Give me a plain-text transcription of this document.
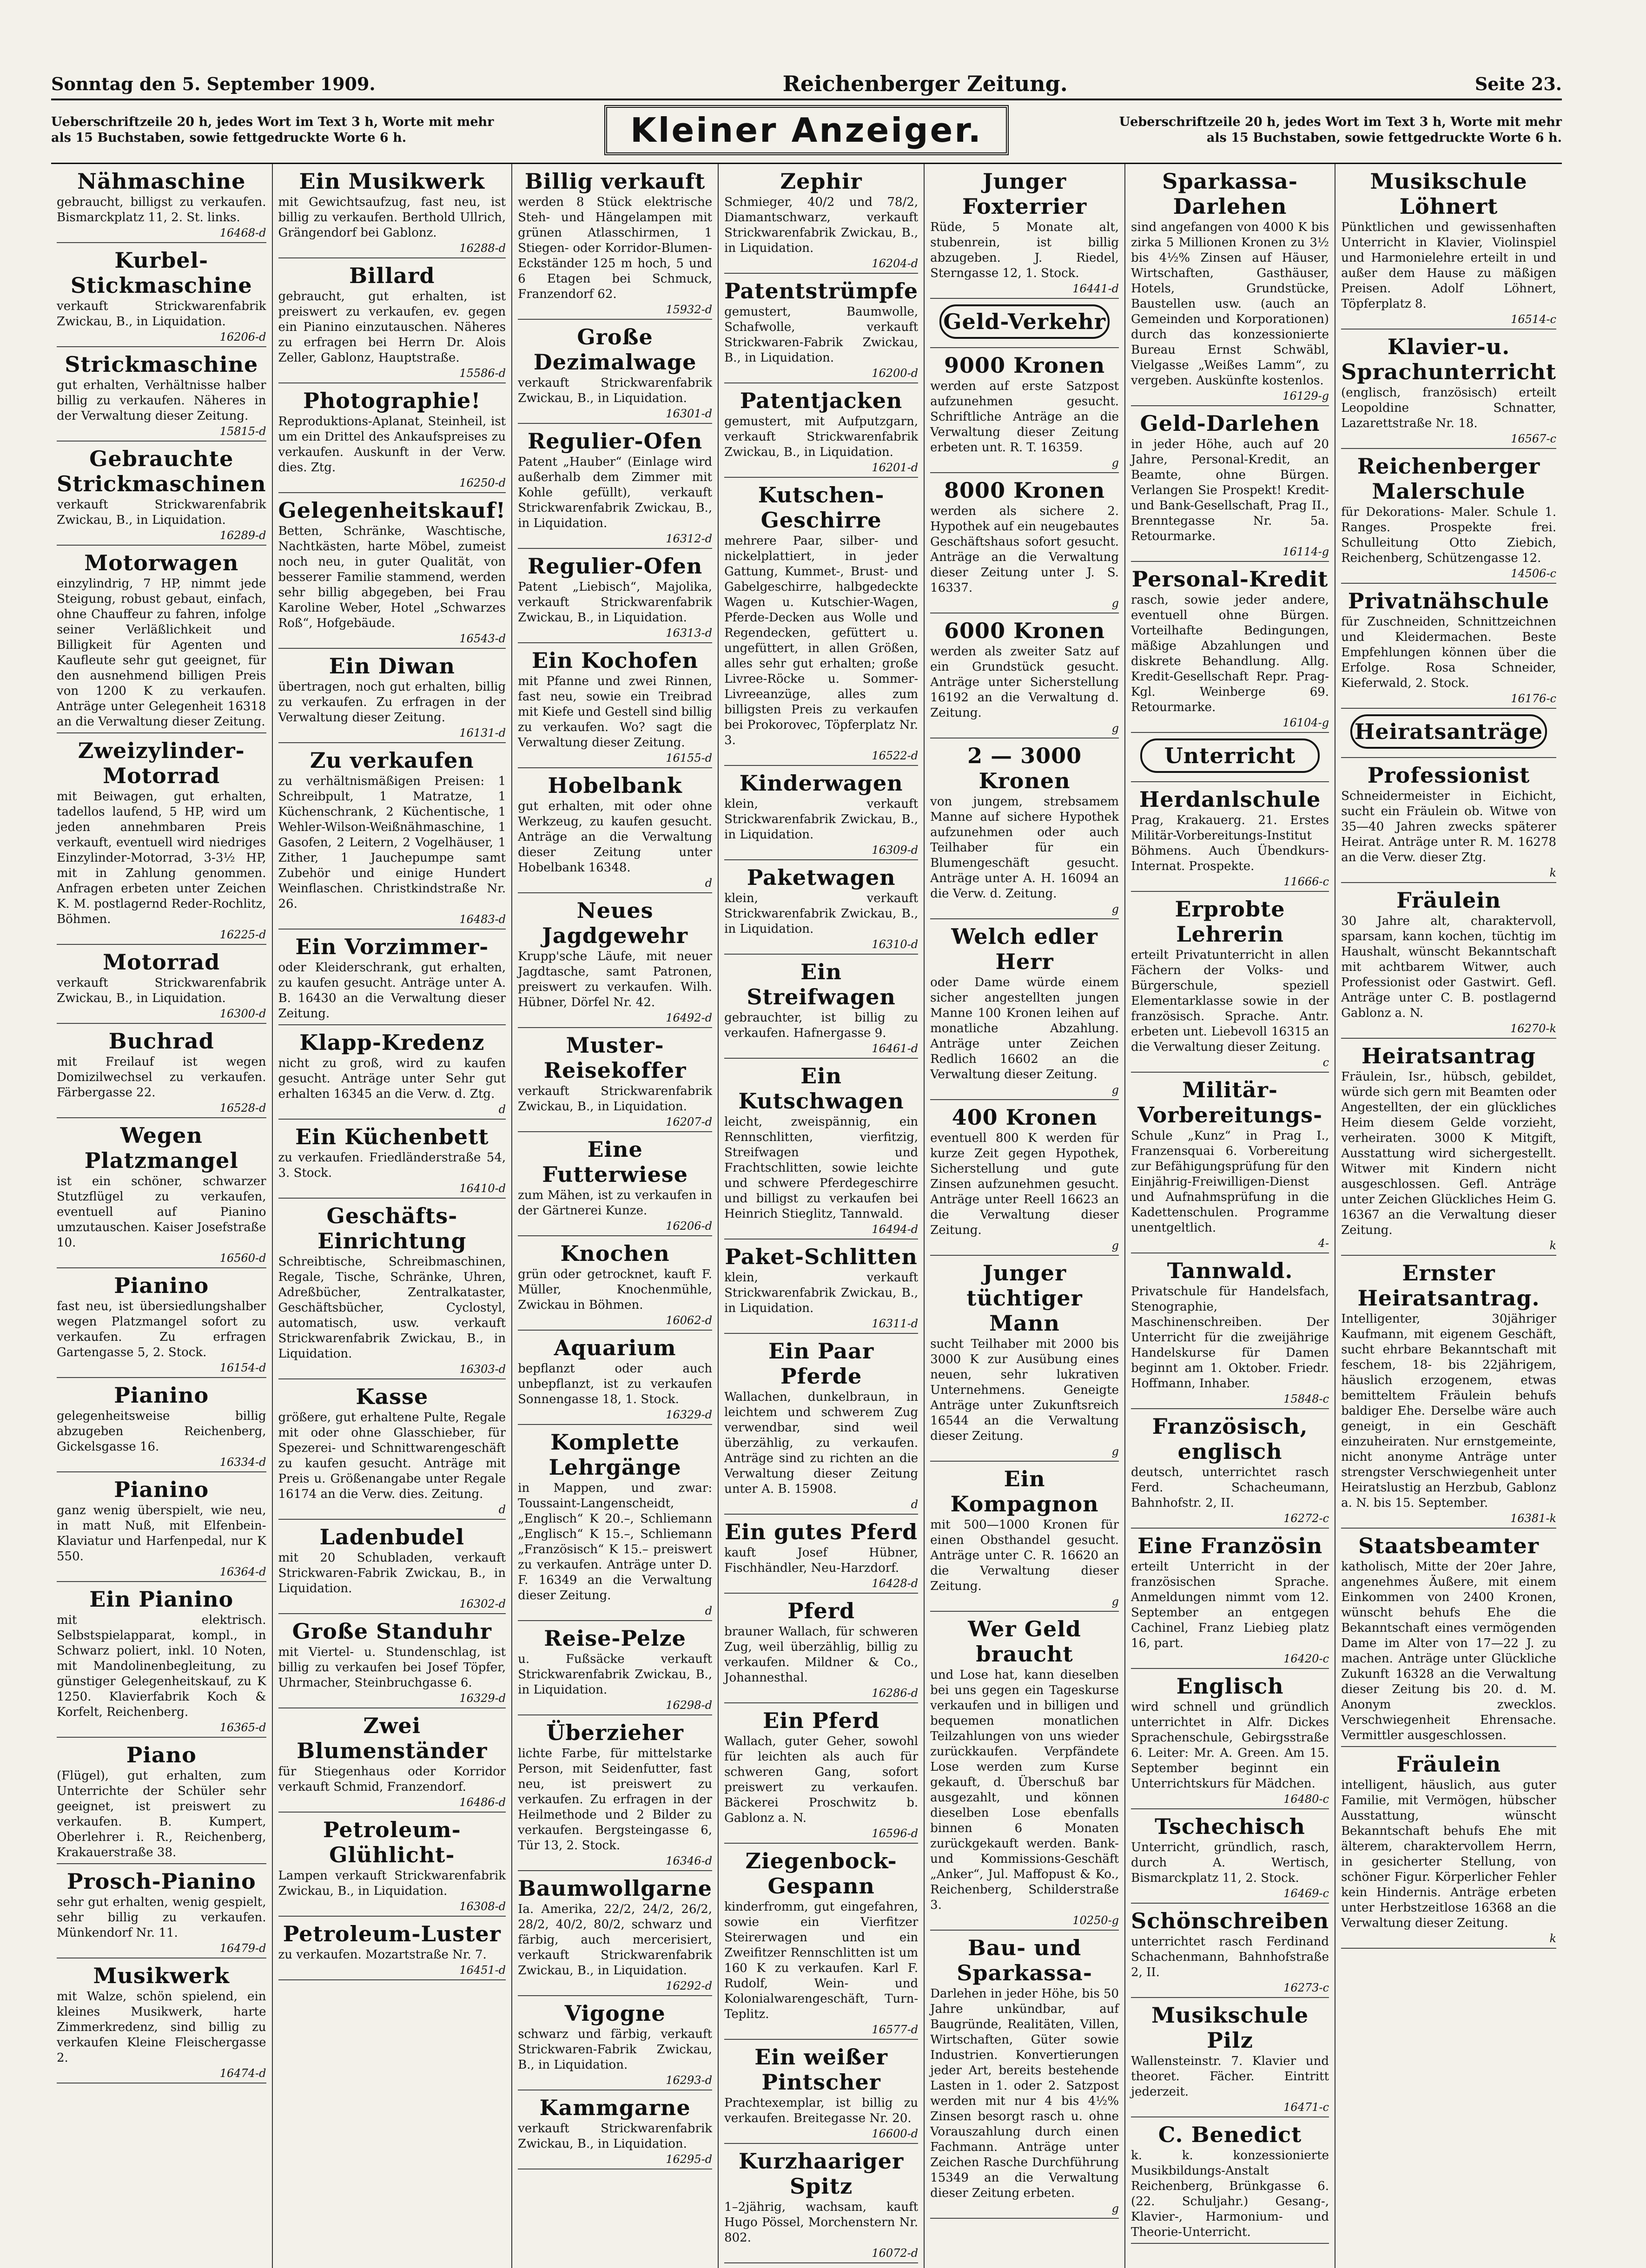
Sonntag den 5. September 1909.	Reichenberger Zeitung.	Seite 23.
Ueberschriftzeile 20 h, jedes Wort im Text 3 h, Worte mit mehr als 15 Buchstaben, sowie fettgedruckte Worte 6 h.	Kleiner Anzeiger.	Ueberschriftzeile 20 h, jedes Wort im Text 3 h, Worte mit mehr als 15 Buchstaben, sowie fettgedruckte Worte 6 h.
Nähmaschine
gebraucht, billigst zu verkaufen. Bismarckplatz 11, 2. St. links.
16468-d
Kurbel-Stickmaschine
verkauft Strickwarenfabrik Zwickau, B., in Liquidation.
16206-d
Strickmaschine
gut erhalten, Verhältnisse halber billig zu verkaufen. Näheres in der Verwaltung dieser Zeitung.
15815-d
Gebrauchte Strickmaschinen
verkauft Strickwarenfabrik Zwickau, B., in Liquidation.
16289-d
Motorwagen
einzylindrig, 7 HP, nimmt jede Steigung, robust gebaut, einfach, ohne Chauffeur zu fahren, infolge seiner Verläßlichkeit und Billigkeit für Agenten und Kaufleute sehr gut geeignet, für den ausnehmend billigen Preis von 1200 K zu verkaufen. Anträge unter Gelegenheit 16318 an die Verwaltung dieser Zeitung.
Zweizylinder-Motorrad
mit Beiwagen, gut erhalten, tadellos laufend, 5 HP, wird um jeden annehmbaren Preis verkauft, eventuell wird niedriges Einzylinder-Motorrad, 3-3½ HP, mit in Zahlung genommen. Anfragen erbeten unter Zeichen K. M. postlagernd Reder-Rochlitz, Böhmen.
16225-d
Motorrad
verkauft Strickwarenfabrik Zwickau, B., in Liquidation.
16300-d
Buchrad
mit Freilauf ist wegen Domizilwechsel zu verkaufen. Färbergasse 22.
16528-d
Wegen Platzmangel
ist ein schöner, schwarzer Stutzflügel zu verkaufen, eventuell auf Pianino umzutauschen. Kaiser Josefstraße 10.
16560-d
Pianino
fast neu, ist übersiedlungshalber wegen Platzmangel sofort zu verkaufen. Zu erfragen Gartengasse 5, 2. Stock.
16154-d
Pianino
gelegenheitsweise billig abzugeben Reichenberg, Gickelsgasse 16.
16334-d
Pianino
ganz wenig überspielt, wie neu, in matt Nuß, mit Elfenbein-Klaviatur und Harfenpedal, nur K 550.
16364-d
Ein Pianino
mit elektrisch. Selbstspielapparat, kompl., in Schwarz poliert, inkl. 10 Noten, mit Mandolinenbegleitung, zu günstiger Gelegenheitskauf, zu K 1250. Klavierfabrik Koch & Korfelt, Reichenberg.
16365-d
Piano
(Flügel), gut erhalten, zum Unterrichte der Schüler sehr geeignet, ist preiswert zu verkaufen. B. Kumpert, Oberlehrer i. R., Reichenberg, Krakauerstraße 38.
Prosch-Pianino
sehr gut erhalten, wenig gespielt, sehr billig zu verkaufen. Münkendorf Nr. 11.
16479-d
Musikwerk
mit Walze, schön spielend, ein kleines Musikwerk, harte Zimmerkredenz, sind billig zu verkaufen Kleine Fleischergasse 2.
16474-d
Ein Musikwerk
mit Gewichtsaufzug, fast neu, ist billig zu verkaufen. Berthold Ullrich, Grängendorf bei Gablonz.
16288-d
Billard
gebraucht, gut erhalten, ist preiswert zu verkaufen, ev. gegen ein Pianino einzutauschen. Näheres zu erfragen bei Herrn Dr. Alois Zeller, Gablonz, Hauptstraße.
15586-d
Photographie!
Reproduktions-Aplanat, Steinheil, ist um ein Drittel des Ankaufspreises zu verkaufen. Auskunft in der Verw. dies. Ztg.
16250-d
Gelegenheitskauf!
Betten, Schränke, Waschtische, Nachtkästen, harte Möbel, zumeist noch neu, in guter Qualität, von besserer Familie stammend, werden sehr billig abgegeben, bei Frau Karoline Weber, Hotel „Schwarzes Roß“, Hofgebäude.
16543-d
Ein Diwan
übertragen, noch gut erhalten, billig zu verkaufen. Zu erfragen in der Verwaltung dieser Zeitung.
16131-d
Zu verkaufen
zu verhältnismäßigen Preisen: 1 Schreibpult, 1 Matratze, 1 Küchenschrank, 2 Küchentische, 1 Wehler-Wilson-Weißnähmaschine, 1 Gasofen, 2 Leitern, 2 Vogelhäuser, 1 Zither, 1 Jauchepumpe samt Zubehör und einige Hundert Weinflaschen. Christkindstraße Nr. 26.
16483-d
Ein Vorzimmer-
oder Kleiderschrank, gut erhalten, zu kaufen gesucht. Anträge unter A. B. 16430 an die Verwaltung dieser Zeitung.
Klapp-Kredenz
nicht zu groß, wird zu kaufen gesucht. Anträge unter Sehr gut erhalten 16345 an die Verw. d. Ztg.
d
Ein Küchenbett
zu verkaufen. Friedländerstraße 54, 3. Stock.
16410-d
Geschäfts-Einrichtung
Schreibtische, Schreibmaschinen, Regale, Tische, Schränke, Uhren, Adreßbücher, Zentralkataster, Geschäftsbücher, Cyclostyl, automatisch, usw. verkauft Strickwarenfabrik Zwickau, B., in Liquidation.
16303-d
Kasse
größere, gut erhaltene Pulte, Regale mit oder ohne Glasschieber, für Spezerei- und Schnittwarengeschäft zu kaufen gesucht. Anträge mit Preis u. Größenangabe unter Regale 16174 an die Verw. dies. Zeitung.
d
Ladenbudel
mit 20 Schubladen, verkauft Strickwaren-Fabrik Zwickau, B., in Liquidation.
16302-d
Große Standuhr
mit Viertel- u. Stundenschlag, ist billig zu verkaufen bei Josef Töpfer, Uhrmacher, Steinbruchgasse 6.
16329-d
Zwei Blumenständer
für Stiegenhaus oder Korridor verkauft Schmid, Franzendorf.
16486-d
Petroleum-Glühlicht-
Lampen verkauft Strickwarenfabrik Zwickau, B., in Liquidation.
16308-d
Petroleum-Luster
zu verkaufen. Mozartstraße Nr. 7.
16451-d
Billig verkauft
werden 8 Stück elektrische Steh- und Hängelampen mit grünen Atlasschirmen, 1 Stiegen- oder Korridor-Blumen-Eckständer 125 m hoch, 5 und 6 Etagen bei Schmuck, Franzendorf 62.
15932-d
Große Dezimalwage
verkauft Strickwarenfabrik Zwickau, B., in Liquidation.
16301-d
Regulier-Ofen
Patent „Hauber“ (Einlage wird außerhalb dem Zimmer mit Kohle gefüllt), verkauft Strickwarenfabrik Zwickau, B., in Liquidation.
16312-d
Regulier-Ofen
Patent „Liebisch“, Majolika, verkauft Strickwarenfabrik Zwickau, B., in Liquidation.
16313-d
Ein Kochofen
mit Pfanne und zwei Rinnen, fast neu, sowie ein Treibrad mit Kiefe und Gestell sind billig zu verkaufen. Wo? sagt die Verwaltung dieser Zeitung.
16155-d
Hobelbank
gut erhalten, mit oder ohne Werkzeug, zu kaufen gesucht. Anträge an die Verwaltung dieser Zeitung unter Hobelbank 16348.
d
Neues Jagdgewehr
Krupp'sche Läufe, mit neuer Jagdtasche, samt Patronen, preiswert zu verkaufen. Wilh. Hübner, Dörfel Nr. 42.
16492-d
Muster-Reisekoffer
verkauft Strickwarenfabrik Zwickau, B., in Liquidation.
16207-d
Eine Futterwiese
zum Mähen, ist zu verkaufen in der Gärtnerei Kunze.
16206-d
Knochen
grün oder getrocknet, kauft F. Müller, Knochenmühle, Zwickau in Böhmen.
16062-d
Aquarium
bepflanzt oder auch unbepflanzt, ist zu verkaufen Sonnengasse 18, 1. Stock.
16329-d
Komplette Lehrgänge
in Mappen, und zwar: Toussaint-Langenscheidt, „Englisch“ K 20.–, Schliemann „Englisch“ K 15.–, Schliemann „Französisch“ K 15.– preiswert zu verkaufen. Anträge unter D. F. 16349 an die Verwaltung dieser Zeitung.
d
Reise-Pelze
u. Fußsäcke verkauft Strickwarenfabrik Zwickau, B., in Liquidation.
16298-d
Überzieher
lichte Farbe, für mittelstarke Person, mit Seidenfutter, fast neu, ist preiswert zu verkaufen. Zu erfragen in der Heilmethode und 2 Bilder zu verkaufen. Bergsteingasse 6, Tür 13, 2. Stock.
16346-d
Baumwollgarne
Ia. Amerika, 22/2, 24/2, 26/2, 28/2, 40/2, 80/2, schwarz und färbig, auch mercerisiert, verkauft Strickwarenfabrik Zwickau, B., in Liquidation.
16292-d
Vigogne
schwarz und färbig, verkauft Strickwaren-Fabrik Zwickau, B., in Liquidation.
16293-d
Kammgarne
verkauft Strickwarenfabrik Zwickau, B., in Liquidation.
16295-d
Zephir
Schmieger, 40/2 und 78/2, Diamantschwarz, verkauft Strickwarenfabrik Zwickau, B., in Liquidation.
16204-d
Patentstrümpfe
gemustert, Baumwolle, Schafwolle, verkauft Strickwaren-Fabrik Zwickau, B., in Liquidation.
16200-d
Patentjacken
gemustert, mit Aufputzgarn, verkauft Strickwarenfabrik Zwickau, B., in Liquidation.
16201-d
Kutschen-Geschirre
mehrere Paar, silber- und nickelplattiert, in jeder Gattung, Kummet-, Brust- und Gabelgeschirre, halbgedeckte Wagen u. Kutschier-Wagen, Pferde-Decken aus Wolle und Regendecken, gefüttert u. ungefüttert, in allen Größen, alles sehr gut erhalten; große Livree-Röcke u. Sommer-Livreeanzüge, alles zum billigsten Preis zu verkaufen bei Prokorovec, Töpferplatz Nr. 3.
16522-d
Kinderwagen
klein, verkauft Strickwarenfabrik Zwickau, B., in Liquidation.
16309-d
Paketwagen
klein, verkauft Strickwarenfabrik Zwickau, B., in Liquidation.
16310-d
Ein Streifwagen
gebrauchter, ist billig zu verkaufen. Hafnergasse 9.
16461-d
Ein Kutschwagen
leicht, zweispännig, ein Rennschlitten, vierfitzig, Streifwagen und Frachtschlitten, sowie leichte und schwere Pferdegeschirre und billigst zu verkaufen bei Heinrich Stieglitz, Tannwald.
16494-d
Paket-Schlitten
klein, verkauft Strickwarenfabrik Zwickau, B., in Liquidation.
16311-d
Ein Paar Pferde
Wallachen, dunkelbraun, in leichtem und schwerem Zug verwendbar, sind weil überzählig, zu verkaufen. Anträge sind zu richten an die Verwaltung dieser Zeitung unter A. B. 15908.
d
Ein gutes Pferd
kauft Josef Hübner, Fischhändler, Neu-Harzdorf.
16428-d
Pferd
brauner Wallach, für schweren Zug, weil überzählig, billig zu verkaufen. Mildner & Co., Johannesthal.
16286-d
Ein Pferd
Wallach, guter Geher, sowohl für leichten als auch für schweren Gang, sofort preiswert zu verkaufen. Bäckerei Proschwitz b. Gablonz a. N.
16596-d
Ziegenbock-Gespann
kinderfromm, gut eingefahren, sowie ein Vierfitzer Steirerwagen und ein Zweifitzer Rennschlitten ist um 160 K zu verkaufen. Karl F. Rudolf, Wein- und Kolonialwarengeschäft, Turn-Teplitz.
16577-d
Ein weißer Pintscher
Prachtexemplar, ist billig zu verkaufen. Breitegasse Nr. 20.
16600-d
Kurzhaariger Spitz
1–2jährig, wachsam, kauft Hugo Pössel, Morchenstern Nr. 802.
16072-d
Junger Foxterrier
Rüde, 5 Monate alt, stubenrein, ist billig abzugeben. J. Riedel, Sterngasse 12, 1. Stock.
16441-d
Geld-Verkehr
9000 Kronen
werden auf erste Satzpost aufzunehmen gesucht. Schriftliche Anträge an die Verwaltung dieser Zeitung erbeten unt. R. T. 16359.
g
8000 Kronen
werden als sichere 2. Hypothek auf ein neugebautes Geschäftshaus sofort gesucht. Anträge an die Verwaltung dieser Zeitung unter J. S. 16337.
g
6000 Kronen
werden als zweiter Satz auf ein Grundstück gesucht. Anträge unter Sicherstellung 16192 an die Verwaltung d. Zeitung.
g
2 — 3000 Kronen
von jungem, strebsamem Manne auf sichere Hypothek aufzunehmen oder auch Teilhaber für ein Blumengeschäft gesucht. Anträge unter A. H. 16094 an die Verw. d. Zeitung.
g
Welch edler Herr
oder Dame würde einem sicher angestellten jungen Manne 100 Kronen leihen auf monatliche Abzahlung. Anträge unter Zeichen Redlich 16602 an die Verwaltung dieser Zeitung.
g
400 Kronen
eventuell 800 K werden für kurze Zeit gegen Hypothek, Sicherstellung und gute Zinsen aufzunehmen gesucht. Anträge unter Reell 16623 an die Verwaltung dieser Zeitung.
g
Junger tüchtiger Mann
sucht Teilhaber mit 2000 bis 3000 K zur Ausübung eines neuen, sehr lukrativen Unternehmens. Geneigte Anträge unter Zukunftsreich 16544 an die Verwaltung dieser Zeitung.
g
Ein Kompagnon
mit 500—1000 Kronen für einen Obsthandel gesucht. Anträge unter C. R. 16620 an die Verwaltung dieser Zeitung.
g
Wer Geld braucht
und Lose hat, kann dieselben bei uns gegen ein Tageskurse verkaufen und in billigen und bequemen monatlichen Teilzahlungen von uns wieder zurückkaufen. Verpfändete Lose werden zum Kurse gekauft, d. Überschuß bar ausgezahlt, und können dieselben Lose ebenfalls binnen 6 Monaten zurückgekauft werden. Bank- und Kommissions-Geschäft „Anker“, Jul. Maffopust & Ko., Reichenberg, Schilderstraße 3.
10250-g
Bau- und Sparkassa-
Darlehen in jeder Höhe, bis 50 Jahre unkündbar, auf Baugründe, Realitäten, Villen, Wirtschaften, Güter sowie Industrien. Konvertierungen jeder Art, bereits bestehende Lasten in 1. oder 2. Satzpost werden mit nur 4 bis 4½% Zinsen besorgt rasch u. ohne Vorauszahlung durch einen Fachmann. Anträge unter Zeichen Rasche Durchführung 15349 an die Verwaltung dieser Zeitung erbeten.
g
Sparkassa-Darlehen
sind angefangen von 4000 K bis zirka 5 Millionen Kronen zu 3½ bis 4½% Zinsen auf Häuser, Wirtschaften, Gasthäuser, Hotels, Grundstücke, Baustellen usw. (auch an Gemeinden und Korporationen) durch das konzessionierte Bureau Ernst Schwäbl, Vielgasse „Weißes Lamm“, zu vergeben. Auskünfte kostenlos.
16129-g
Geld-Darlehen
in jeder Höhe, auch auf 20 Jahre, Personal-Kredit, an Beamte, ohne Bürgen. Verlangen Sie Prospekt! Kredit- und Bank-Gesellschaft, Prag II., Brenntegasse Nr. 5a. Retourmarke.
16114-g
Personal-Kredit
rasch, sowie jeder andere, eventuell ohne Bürgen. Vorteilhafte Bedingungen, mäßige Abzahlungen und diskrete Behandlung. Allg. Kredit-Gesellschaft Repr. Prag-Kgl. Weinberge 69. Retourmarke.
16104-g
Unterricht
Herdanlschule
Prag, Krakauerg. 21. Erstes Militär-Vorbereitungs-Institut Böhmens. Auch Übendkurs-Internat. Prospekte.
11666-c
Erprobte Lehrerin
erteilt Privatunterricht in allen Fächern der Volks- und Bürgerschule, speziell Elementarklasse sowie in der französisch. Sprache. Antr. erbeten unt. Liebevoll 16315 an die Verwaltung dieser Zeitung.
c
Militär-Vorbereitungs-
Schule „Kunz“ in Prag I., Franzensquai 6. Vorbereitung zur Befähigungsprüfung für den Einjährig-Freiwilligen-Dienst und Aufnahmsprüfung in die Kadettenschulen. Programme unentgeltlich.
4-
Tannwald.
Privatschule für Handelsfach, Stenographie, Maschinenschreiben. Der Unterricht für die zweijährige Handelskurse für Damen beginnt am 1. Oktober. Friedr. Hoffmann, Inhaber.
15848-c
Französisch, englisch
deutsch, unterrichtet rasch Ferd. Schacheumann, Bahnhofstr. 2, II.
16272-c
Eine Französin
erteilt Unterricht in der französischen Sprache. Anmeldungen nimmt vom 12. September an entgegen Cachinel, Franz Liebieg platz 16, part.
16420-c
Englisch
wird schnell und gründlich unterrichtet in Alfr. Dickes Sprachenschule, Gebirgsstraße 6. Leiter: Mr. A. Green. Am 15. September beginnt ein Unterrichtskurs für Mädchen.
16480-c
Tschechisch
Unterricht, gründlich, rasch, durch A. Wertisch, Bismarckplatz 11, 2. Stock.
16469-c
Schönschreiben
unterrichtet rasch Ferdinand Schachenmann, Bahnhofstraße 2, II.
16273-c
Musikschule Pilz
Wallensteinstr. 7. Klavier und theoret. Fächer. Eintritt jederzeit.
16471-c
C. Benedict
k. k. konzessionierte Musikbildungs-Anstalt Reichenberg, Brünkgasse 6. (22. Schuljahr.) Gesang-, Klavier-, Harmonium- und Theorie-Unterricht.
Musikschule Löhnert
Pünktlichen und gewissenhaften Unterricht in Klavier, Violinspiel und Harmonielehre erteilt in und außer dem Hause zu mäßigen Preisen. Adolf Löhnert, Töpferplatz 8.
16514-c
Klavier-u. Sprachunterricht
(englisch, französisch) erteilt Leopoldine Schnatter, Lazarettstraße Nr. 18.
16567-c
Reichenberger Malerschule
für Dekorations- Maler. Schule 1. Ranges. Prospekte frei. Schulleitung Otto Ziebich, Reichenberg, Schützengasse 12.
14506-c
Privatnähschule
für Zuschneiden, Schnittzeichnen und Kleidermachen. Beste Empfehlungen können über die Erfolge. Rosa Schneider, Kieferwald, 2. Stock.
16176-c
Heiratsanträge
Professionist
Schneidermeister in Eichicht, sucht ein Fräulein ob. Witwe von 35—40 Jahren zwecks späterer Heirat. Anträge unter R. M. 16278 an die Verw. dieser Ztg.
k
Fräulein
30 Jahre alt, charaktervoll, sparsam, kann kochen, tüchtig im Haushalt, wünscht Bekanntschaft mit achtbarem Witwer, auch Professionist oder Gastwirt. Gefl. Anträge unter C. B. postlagernd Gablonz a. N.
16270-k
Heiratsantrag
Fräulein, Isr., hübsch, gebildet, würde sich gern mit Beamten oder Angestellten, der ein glückliches Heim diesem Gelde vorzieht, verheiraten. 3000 K Mitgift, Ausstattung wird sichergestellt. Witwer mit Kindern nicht ausgeschlossen. Gefl. Anträge unter Zeichen Glückliches Heim G. 16367 an die Verwaltung dieser Zeitung.
k
Ernster Heiratsantrag.
Intelligenter, 30jähriger Kaufmann, mit eigenem Geschäft, sucht ehrbare Bekanntschaft mit feschem, 18- bis 22jährigem, häuslich erzogenem, etwas bemitteltem Fräulein behufs baldiger Ehe. Derselbe wäre auch geneigt, in ein Geschäft einzuheiraten. Nur ernstgemeinte, nicht anonyme Anträge unter strengster Verschwiegenheit unter Heiratslustig an Herzbub, Gablonz a. N. bis 15. September.
16381-k
Staatsbeamter
katholisch, Mitte der 20er Jahre, angenehmes Äußere, mit einem Einkommen von 2400 Kronen, wünscht behufs Ehe die Bekanntschaft eines vermögenden Dame im Alter von 17—22 J. zu machen. Anträge unter Glückliche Zukunft 16328 an die Verwaltung dieser Zeitung bis 20. d. M. Anonym zwecklos. Verschwiegenheit Ehrensache. Vermittler ausgeschlossen.
Fräulein
intelligent, häuslich, aus guter Familie, mit Vermögen, hübscher Ausstattung, wünscht Bekanntschaft behufs Ehe mit älterem, charaktervollem Herrn, in gesicherter Stellung, von schöner Figur. Körperlicher Fehler kein Hindernis. Anträge erbeten unter Herbstzeitlose 16368 an die Verwaltung dieser Zeitung.
k
